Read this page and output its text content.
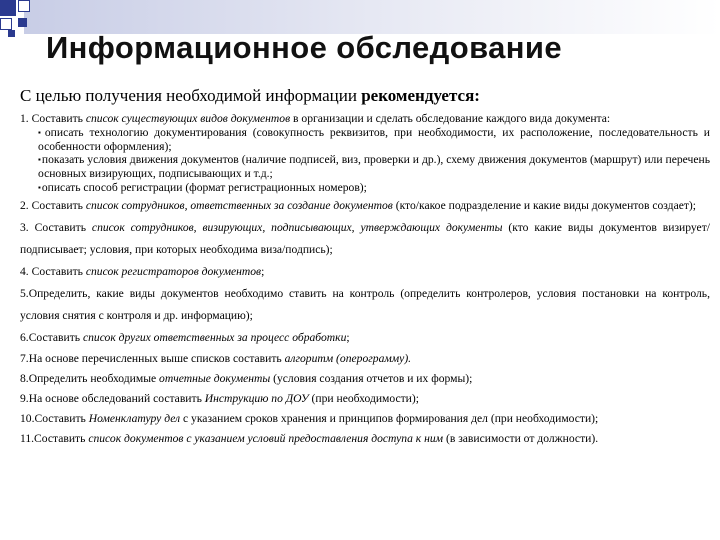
Информационное обследование

С целью получения необходимой информации рекомендуется:

1. Составить список существующих видов документов в организации и сделать обследование каждого вида документа:

▪описать технологию документирования (совокупность реквизитов, при необходимости, их расположение, последовательность и особенности оформления);

▪показать условия движения документов (наличие подписей, виз, проверки и др.), схему движения документов (маршрут) или перечень основных визирующих, подписывающих и т.д.;

▪описать способ регистрации (формат регистрационных номеров);

2. Составить список сотрудников, ответственных за создание документов (кто/какое подразделение и какие виды документов создает);

3. Составить список сотрудников, визирующих, подписывающих, утверждающих документы (кто какие виды документов визирует/подписывает; условия, при которых необходима виза/подпись);

4. Составить список регистраторов документов;

5.Определить, какие виды документов необходимо ставить на контроль (определить контролеров, условия постановки на контроль, условия снятия с контроля и др. информацию);

6.Составить список других ответственных за процесс обработки;

7.На основе перечисленных выше списков составить алгоритм (оперограмму).

8.Определить необходимые отчетные документы (условия создания отчетов и их формы);

9.На основе обследований составить Инструкцию по ДОУ (при необходимости);

10.Составить Номенклатуру дел с указанием сроков хранения и принципов формирования дел (при необходимости);

11.Составить список документов с указанием условий предоставления доступа к ним (в зависимости от должности).
